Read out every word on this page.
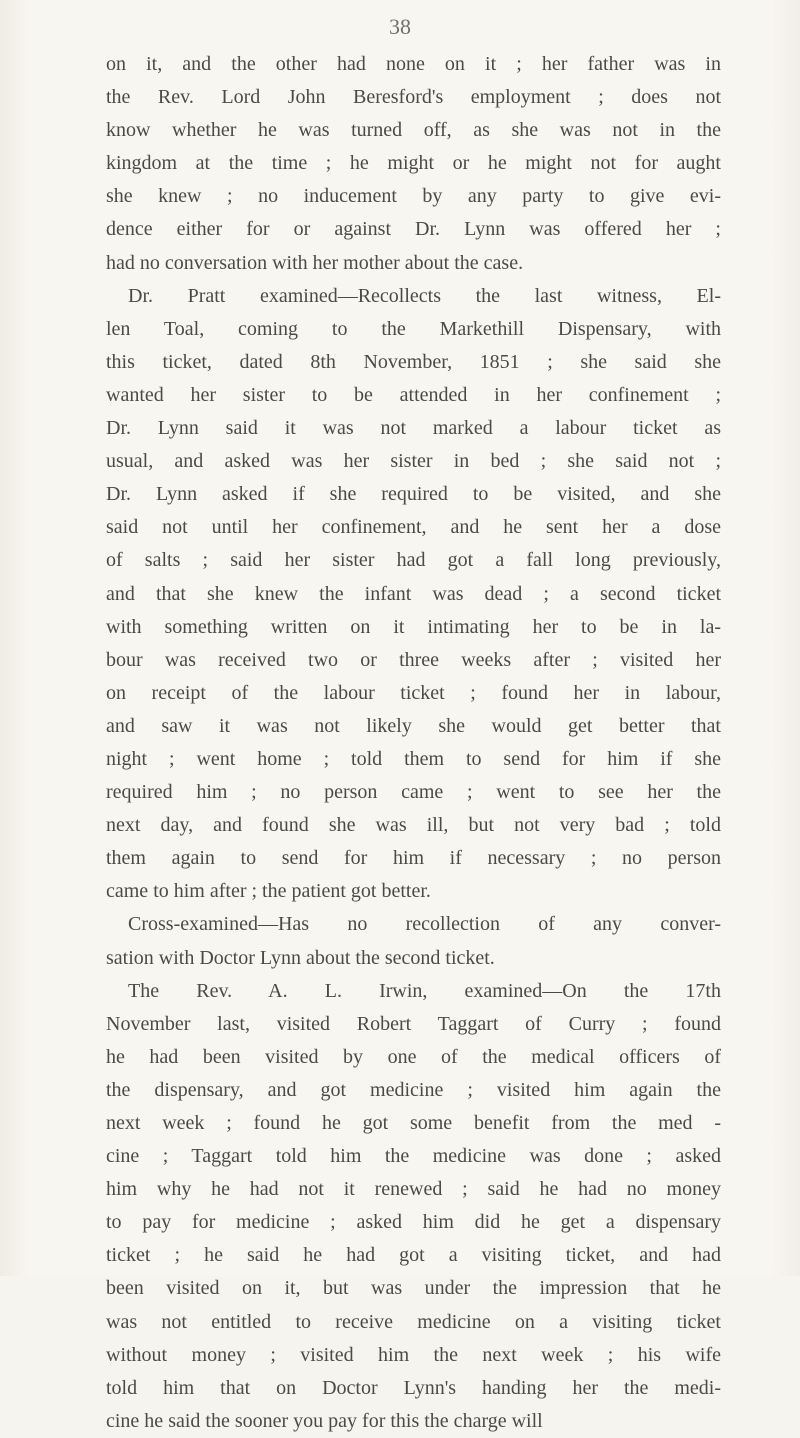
38
on it, and the other had none on it ; her father was in
the Rev. Lord John Beresford's employment ; does not
know whether he was turned off, as she was not in the
kingdom at the time ; he might or he might not for aught
she knew ; no inducement by any party to give evi-
dence either for or against Dr. Lynn was offered her ;
had no conversation with her mother about the case.
Dr. Pratt examined—Recollects the last witness, El-
len Toal, coming to the Markethill Dispensary, with
this ticket, dated 8th November, 1851 ; she said she
wanted her sister to be attended in her confinement ;
Dr. Lynn said it was not marked a labour ticket as
usual, and asked was her sister in bed ; she said not ;
Dr. Lynn asked if she required to be visited, and she
said not until her confinement, and he sent her a dose
of salts ; said her sister had got a fall long previously,
and that she knew the infant was dead ; a second ticket
with something written on it intimating her to be in la-
bour was received two or three weeks after ; visited her
on receipt of the labour ticket ; found her in labour,
and saw it was not likely she would get better that
night ; went home ; told them to send for him if she
required him ; no person came ; went to see her the
next day, and found she was ill, but not very bad ; told
them again to send for him if necessary ; no person
came to him after ; the patient got better.
Cross-examined—Has no recollection of any conver-
sation with Doctor Lynn about the second ticket.
The Rev. A. L. Irwin, examined—On the 17th
November last, visited Robert Taggart of Curry ; found
he had been visited by one of the medical officers of
the dispensary, and got medicine ; visited him again the
next week ; found he got some benefit from the med -
cine ; Taggart told him the medicine was done ; asked
him why he had not it renewed ; said he had no money
to pay for medicine ; asked him did he get a dispensary
ticket ; he said he had got a visiting ticket, and had
been visited on it, but was under the impression that he
was not entitled to receive medicine on a visiting ticket
without money ; visited him the next week ; his wife
told him that on Doctor Lynn's handing her the medi-
cine he said the sooner you pay for this the charge will
